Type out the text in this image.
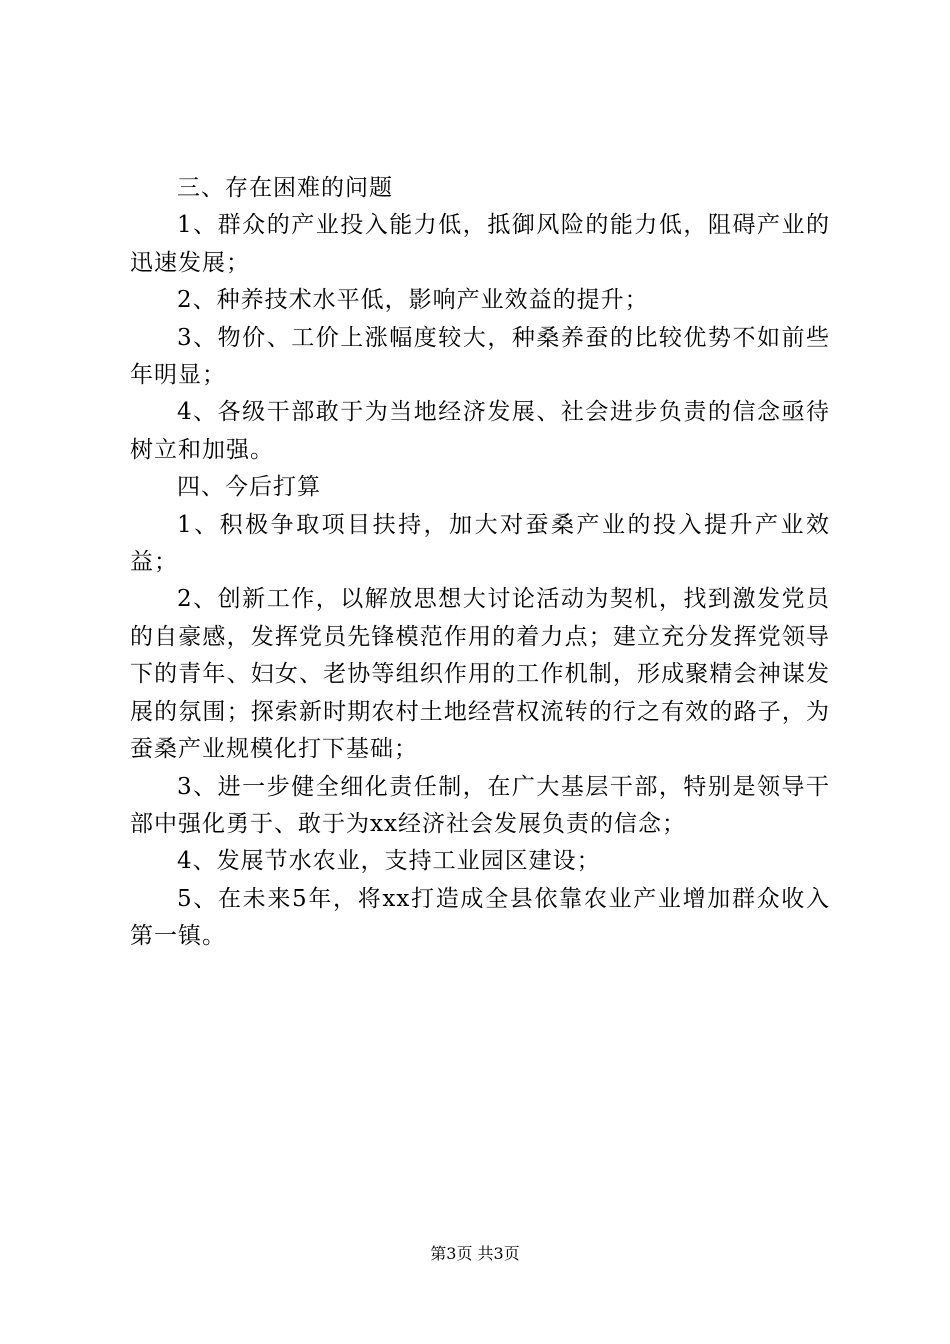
三、存在困难的问题

1、群众的产业投入能力低，抵御风险的能力低，阻碍产业的迅速发展；

2、种养技术水平低，影响产业效益的提升；

3、物价、工价上涨幅度较大，种桑养蚕的比较优势不如前些年明显；

4、各级干部敢于为当地经济发展、社会进步负责的信念亟待树立和加强。

四、今后打算

1、积极争取项目扶持，加大对蚕桑产业的投入提升产业效益；

2、创新工作，以解放思想大讨论活动为契机，找到激发党员的自豪感，发挥党员先锋模范作用的着力点；建立充分发挥党领导下的青年、妇女、老协等组织作用的工作机制，形成聚精会神谋发展的氛围；探索新时期农村土地经营权流转的行之有效的路子，为蚕桑产业规模化打下基础；

3、进一步健全细化责任制，在广大基层干部，特别是领导干部中强化勇于、敢于为xx经济社会发展负责的信念；

4、发展节水农业，支持工业园区建设；

5、在未来5年，将xx打造成全县依靠农业产业增加群众收入第一镇。

第3页 共3页
